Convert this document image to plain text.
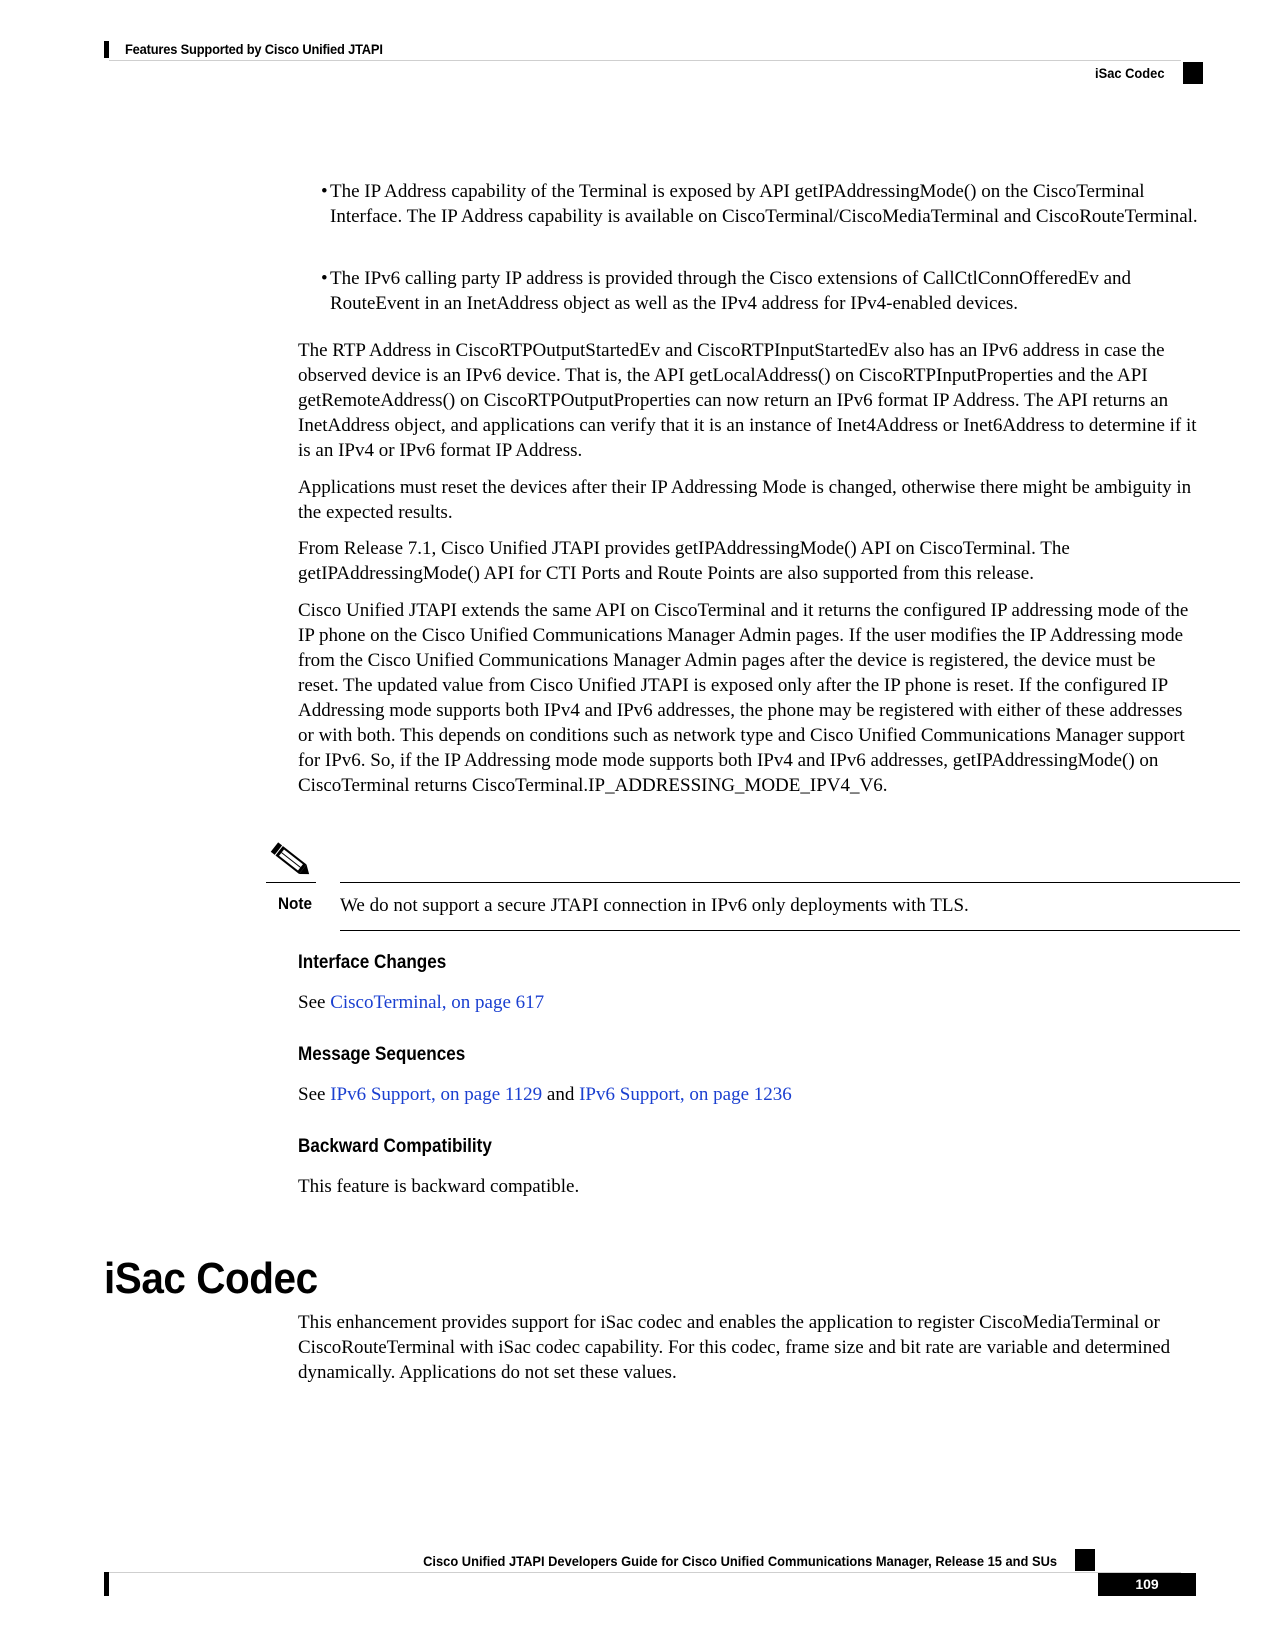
Features Supported by Cisco Unified JTAPI
iSac Codec
• The IP Address capability of the Terminal is exposed by API getIPAddressingMode() on the CiscoTerminal Interface. The IP Address capability is available on CiscoTerminal/CiscoMediaTerminal and CiscoRouteTerminal.
• The IPv6 calling party IP address is provided through the Cisco extensions of CallCtlConnOfferedEv and RouteEvent in an InetAddress object as well as the IPv4 address for IPv4-enabled devices.

The RTP Address in CiscoRTPOutputStartedEv and CiscoRTPInputStartedEv also has an IPv6 address in case the observed device is an IPv6 device. That is, the API getLocalAddress() on CiscoRTPInputProperties and the API getRemoteAddress() on CiscoRTPOutputProperties can now return an IPv6 format IP Address. The API returns an InetAddress object, and applications can verify that it is an instance of Inet4Address or Inet6Address to determine if it is an IPv4 or IPv6 format IP Address.

Applications must reset the devices after their IP Addressing Mode is changed, otherwise there might be ambiguity in the expected results.

From Release 7.1, Cisco Unified JTAPI provides getIPAddressingMode() API on CiscoTerminal. The getIPAddressingMode() API for CTI Ports and Route Points are also supported from this release.

Cisco Unified JTAPI extends the same API on CiscoTerminal and it returns the configured IP addressing mode of the IP phone on the Cisco Unified Communications Manager Admin pages. If the user modifies the IP Addressing mode from the Cisco Unified Communications Manager Admin pages after the device is registered, the device must be reset. The updated value from Cisco Unified JTAPI is exposed only after the IP phone is reset. If the configured IP Addressing mode supports both IPv4 and IPv6 addresses, the phone may be registered with either of these addresses or with both. This depends on conditions such as network type and Cisco Unified Communications Manager support for IPv6. So, if the IP Addressing mode mode supports both IPv4 and IPv6 addresses, getIPAddressingMode() on CiscoTerminal returns CiscoTerminal.IP_ADDRESSING_MODE_IPV4_V6.

Note We do not support a secure JTAPI connection in IPv6 only deployments with TLS.
Interface Changes
See CiscoTerminal, on page 617
Message Sequences
See IPv6 Support, on page 1129 and IPv6 Support, on page 1236
Backward Compatibility
This feature is backward compatible.
iSac Codec
This enhancement provides support for iSac codec and enables the application to register CiscoMediaTerminal or CiscoRouteTerminal with iSac codec capability. For this codec, frame size and bit rate are variable and determined dynamically. Applications do not set these values.
Cisco Unified JTAPI Developers Guide for Cisco Unified Communications Manager, Release 15 and SUs
109
